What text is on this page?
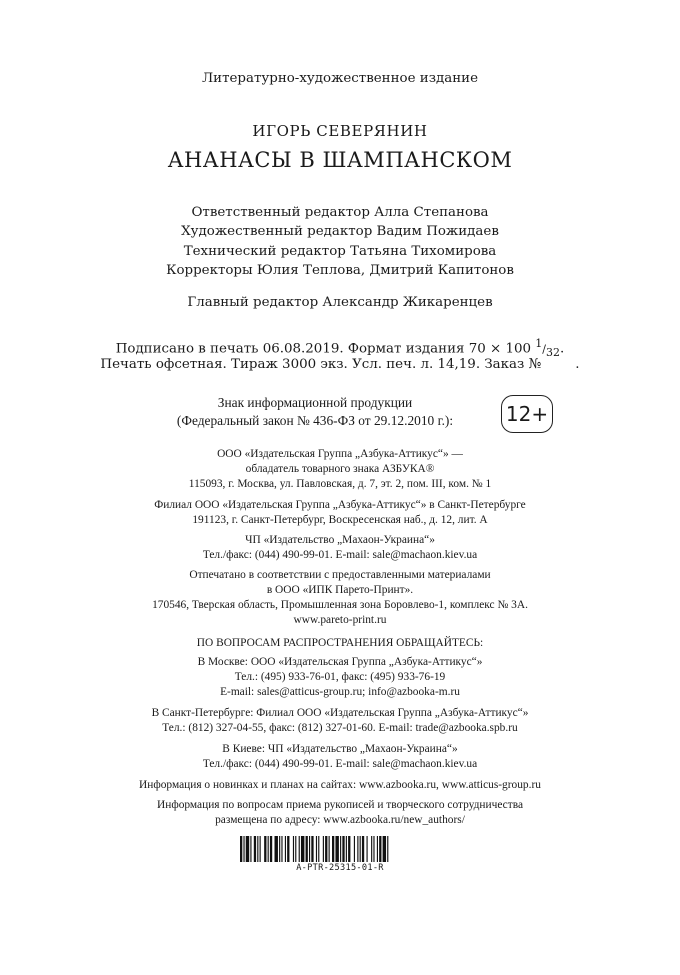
Литературно-художественное издание
ИГОРЬ СЕВЕРЯНИН
АНАНАСЫ В ШАМПАНСКОМ
Ответственный редактор Алла Степанова
Художественный редактор Вадим Пожидаев
Технический редактор Татьяна Тихомирова
Корректоры Юлия Теплова, Дмитрий Капитонов
Главный редактор Александр Жикаренцев
Подписано в печать 06.08.2019. Формат издания 70 × 100 $^1/_{32}$.
Печать офсетная. Тираж 3000 экз. Усл. печ. л. 14,19. Заказ №        .
Знак информационной продукции
(Федеральный закон № 436-ФЗ от 29.12.2010 г.):	12+
ООО «Издательская Группа „Азбука-Аттикус“» —
обладатель товарного знака АЗБУКА®
115093, г. Москва, ул. Павловская, д. 7, эт. 2, пом. III, ком. № 1
Филиал ООО «Издательская Группа „Азбука-Аттикус“» в Санкт-Петербурге
191123, г. Санкт-Петербург, Воскресенская наб., д. 12, лит. А
ЧП «Издательство „Махаон-Украина“»
Тел./факс: (044) 490-99-01. E-mail: sale@machaon.kiev.ua
Отпечатано в соответствии с предоставленными материалами
в ООО «ИПК Парето-Принт».
170546, Тверская область, Промышленная зона Боровлево-1, комплекс № 3А.
www.pareto-print.ru
ПО ВОПРОСАМ РАСПРОСТРАНЕНИЯ ОБРАЩАЙТЕСЬ:
В Москве: ООО «Издательская Группа „Азбука-Аттикус“»
Тел.: (495) 933-76-01, факс: (495) 933-76-19
E-mail: sales@atticus-group.ru; info@azbooka-m.ru
В Санкт-Петербурге: Филиал ООО «Издательская Группа „Азбука-Аттикус“»
Тел.: (812) 327-04-55, факс: (812) 327-01-60. E-mail: trade@azbooka.spb.ru
В Киеве: ЧП «Издательство „Махаон-Украина“»
Тел./факс: (044) 490-99-01. E-mail: sale@machaon.kiev.ua
Информация о новинках и планах на сайтах: www.azbooka.ru, www.atticus-group.ru
Информация по вопросам приема рукописей и творческого сотрудничества
размещена по адресу: www.azbooka.ru/new_authors/
A-PTR-25315-01-R
